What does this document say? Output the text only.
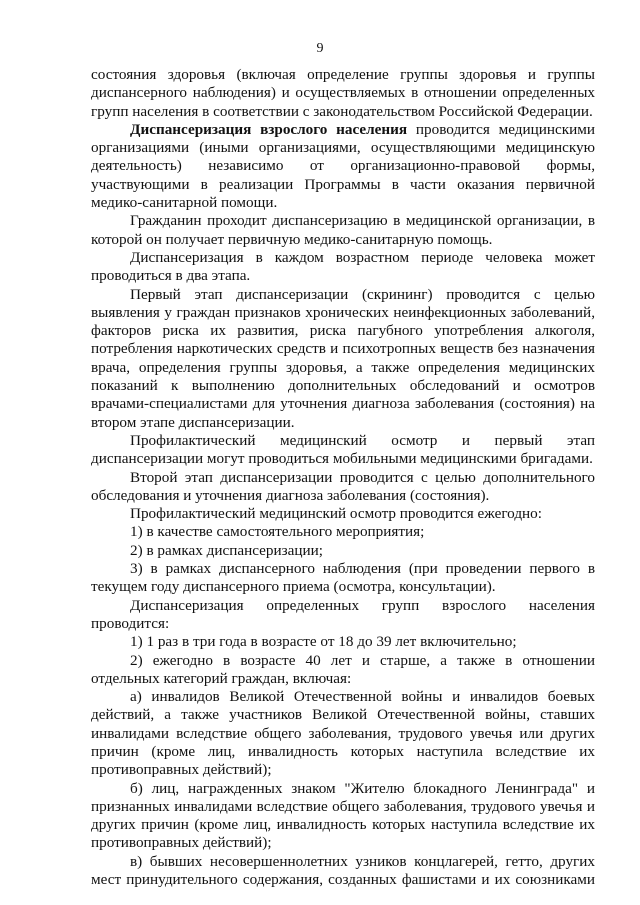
9

состояния здоровья (включая определение группы здоровья и группы диспансерного наблюдения) и осуществляемых в отношении определенных групп населения в соответствии с законодательством Российской Федерации.

Диспансеризация взрослого населения проводится медицинскими организациями (иными организациями, осуществляющими медицинскую деятельность) независимо от организационно-правовой формы, участвующими в реализации Программы в части оказания первичной медико-санитарной помощи.

Гражданин проходит диспансеризацию в медицинской организации, в которой он получает первичную медико-санитарную помощь.

Диспансеризация в каждом возрастном периоде человека может проводиться в два этапа.

Первый этап диспансеризации (скрининг) проводится с целью выявления у граждан признаков хронических неинфекционных заболеваний, факторов риска их развития, риска пагубного употребления алкоголя, потребления наркотических средств и психотропных веществ без назначения врача, определения группы здоровья, а также определения медицинских показаний к выполнению дополнительных обследований и осмотров врачами-специалистами для уточнения диагноза заболевания (состояния) на втором этапе диспансеризации.

Профилактический медицинский осмотр и первый этап диспансеризации могут проводиться мобильными медицинскими бригадами.

Второй этап диспансеризации проводится с целью дополнительного обследования и уточнения диагноза заболевания (состояния).

Профилактический медицинский осмотр проводится ежегодно:

1) в качестве самостоятельного мероприятия;

2) в рамках диспансеризации;

3) в рамках диспансерного наблюдения (при проведении первого в текущем году диспансерного приема (осмотра, консультации).

Диспансеризация определенных групп взрослого населения проводится:

1) 1 раз в три года в возрасте от 18 до 39 лет включительно;

2) ежегодно в возрасте 40 лет и старше, а также в отношении отдельных категорий граждан, включая:

а) инвалидов Великой Отечественной войны и инвалидов боевых действий, а также участников Великой Отечественной войны, ставших инвалидами вследствие общего заболевания, трудового увечья или других причин (кроме лиц, инвалидность которых наступила вследствие их противоправных действий);

б) лиц, награжденных знаком "Жителю блокадного Ленинграда" и признанных инвалидами вследствие общего заболевания, трудового увечья и других причин (кроме лиц, инвалидность которых наступила вследствие их противоправных действий);

в) бывших несовершеннолетних узников концлагерей, гетто, других мест принудительного содержания, созданных фашистами и их союзниками
